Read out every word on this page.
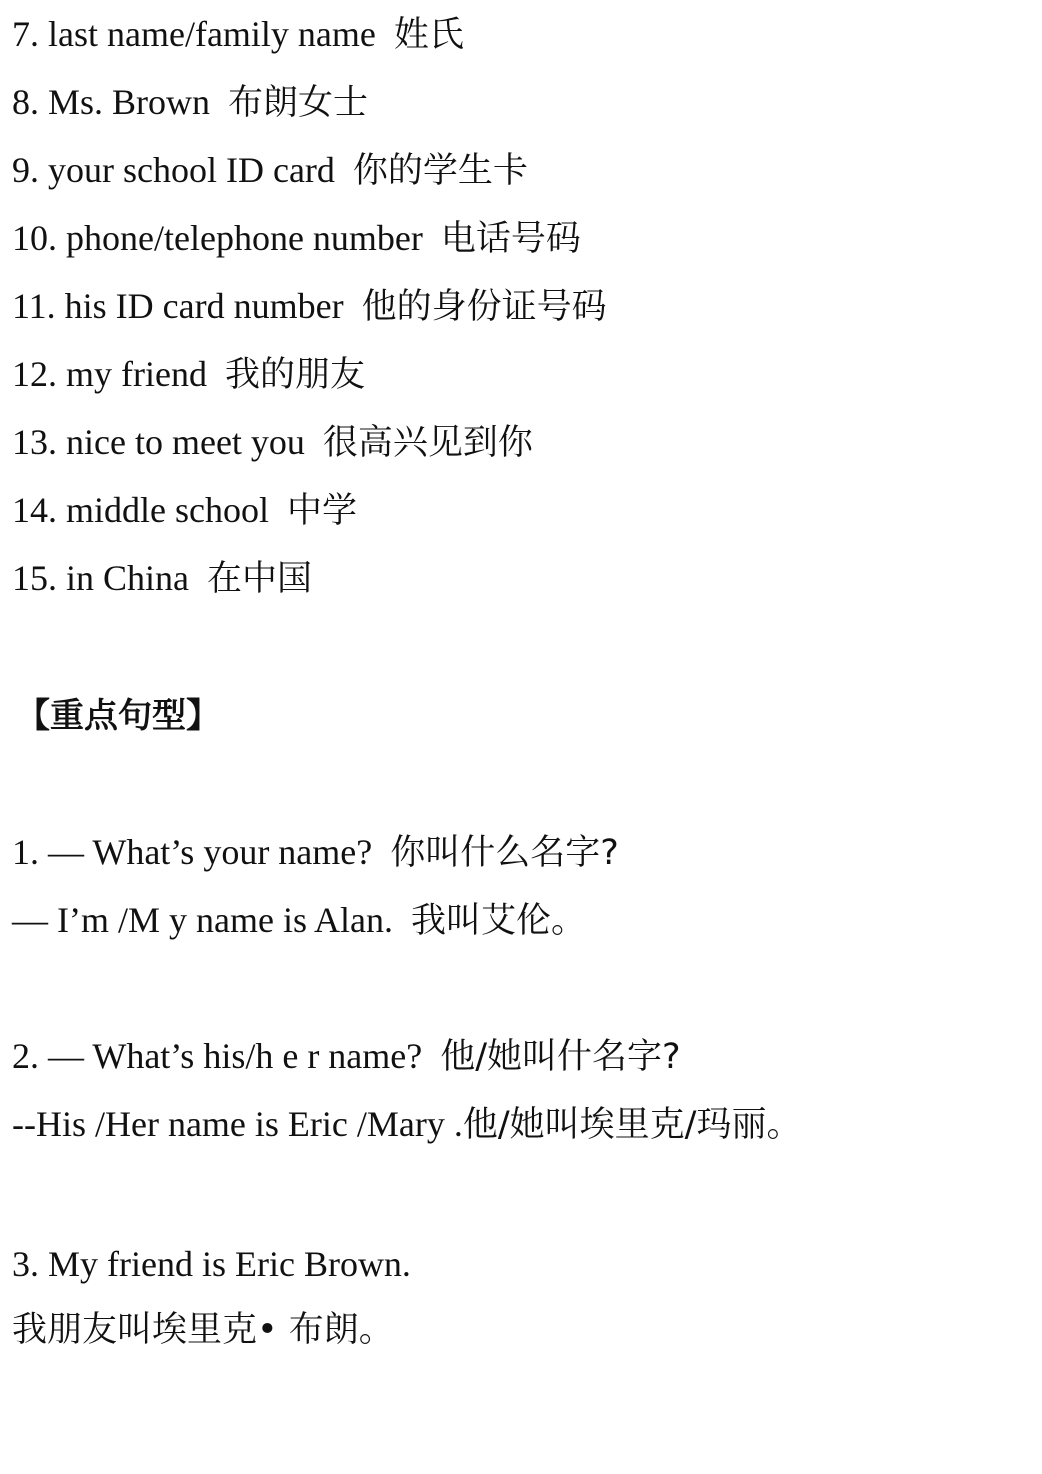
7. last name/family name 姓氏
8. Ms. Brown 布朗女士
9. your school ID card 你的学生卡
10. phone/telephone number 电话号码
11. his ID card number 他的身份证号码
12. my friend 我的朋友
13. nice to meet you 很高兴见到你
14. middle school 中学
15. in China 在中国
【重点句型】
1. — What’s your name? 你叫什么名字?
— I’m /M y name is Alan. 我叫艾伦。
2. — What’s his/h e r name? 他/她叫什名字?
--His /Her name is Eric /Mary .他/她叫埃里克/玛丽。
3. My friend is Eric Brown.
我朋友叫埃里克• 布朗。
